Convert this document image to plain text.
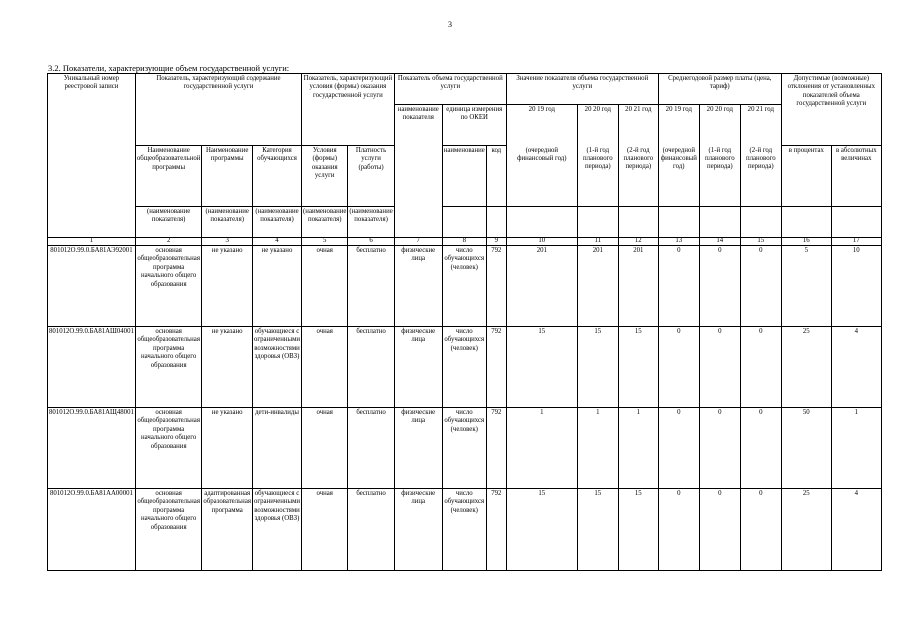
3
3.2. Показатели, характеризующие объем государственной услуги:
Уникальный номер реестровой записи	Показатель, характеризующий содержание государственной услуги			Показатель, характеризующий условия (формы) оказания государственной услуги		Показатель объема государственной услуги			Значение показателя объема государственной услуги			Среднегодовой размер платы (цена, тариф)			Допустимые (возможные) отклонения от установленных показателей объема государственной услуги	
						наименование показателя	единица измерения по ОКЕИ		20 19 год	20 20 год	20 21 год	20 19 год	20 20 год	20 21 год		

	Наименование общеобразовательной программы	Наименование программы	Категория обучающихся	Условия (формы) оказания услуги	Платность услуги (работы)		наименование	код	(очередной финансовый год)	(1-й год планового периода)	(2-й год планового периода)	(очередной финансовый год)	(1-й год планового периода)	(2-й год планового периода)	в процентах	в абсолютных величинах
	(наименование показателя)	(наименование показателя)	(наименование показателя)	(наименование показателя)	(наименование показателя)											
1	2	3	4	5	6	7	8	9	10	11	12	13	14	15	16	17
801012О.99.0.БА81АЭ92001	основная общеобразовательная программа начального общего образования	не указано	не указано	очная	бесплатно	физические лица	число обучающихся (человек)	792	201	201	201	0	0	0	5	10
801012О.99.0.БА81АШ04001	основная общеобразовательная программа начального общего образования	не указано	обучающиеся с ограниченными возможностями здоровья (ОВЗ)	очная	бесплатно	физические лица	число обучающихся (человек)	792	15	15	15	0	0	0	25	4
801012О.99.0.БА81АЩ48001	основная общеобразовательная программа начального общего образования	не указано	дети-инвалиды	очная	бесплатно	физические лица	число обучающихся (человек)	792	1	1	1	0	0	0	50	1
801012О.99.0.БА81АА00001	основная общеобразовательная программа начального общего образования	адаптированная образовательная программа	обучающиеся с ограниченными возможностями здоровья (ОВЗ)	очная	бесплатно	физические лица	число обучающихся (человек)	792	15	15	15	0	0	0	25	4
